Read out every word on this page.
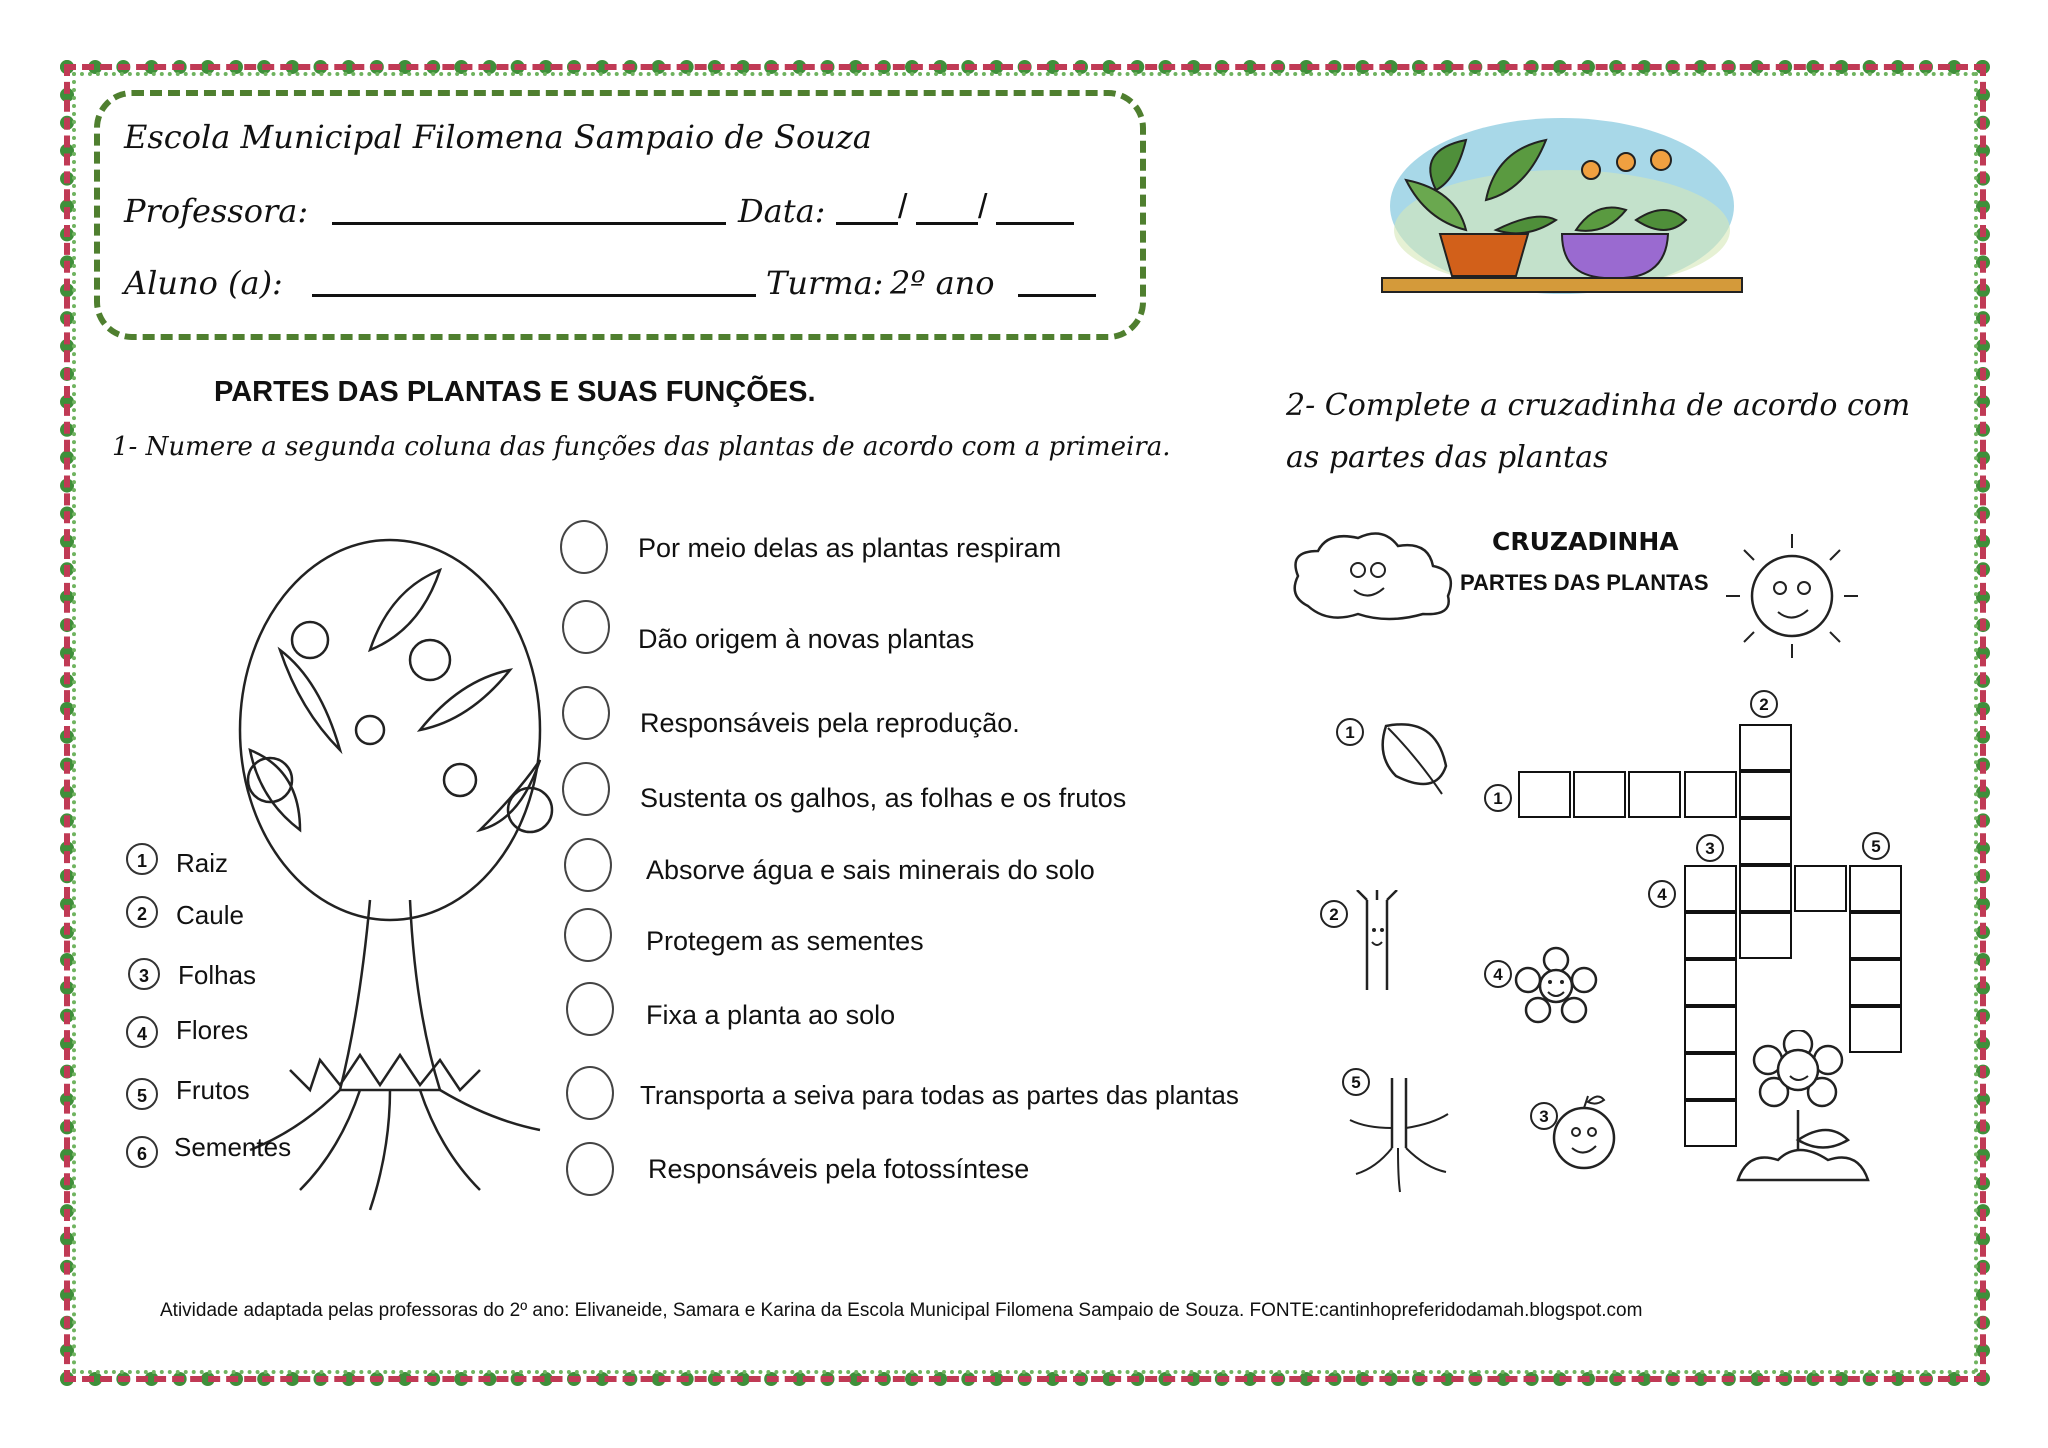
Escola Municipal Filomena Sampaio de Souza
Professora:	Data: / /
Aluno (a):	Turma: 2º ano
PARTES DAS PLANTAS E SUAS FUNÇÕES.
1- Numere a segunda coluna das funções das plantas de acordo com a primeira.
1	Raiz
2	Caule
3	Folhas
4	Flores
5	Frutos
6	Sementes
Por meio delas as plantas respiram
Dão origem à novas plantas
Responsáveis pela reprodução.
Sustenta os galhos, as folhas e os frutos
Absorve água e sais minerais do solo
Protegem as sementes
Fixa a planta ao solo
Transporta a seiva para todas as partes das plantas
Responsáveis pela fotossíntese
2- Complete a cruzadinha de acordo com
as partes das plantas
CRUZADINHA
PARTES DAS PLANTAS
2
1
3	5
4
1
2
4
5
3
Atividade adaptada pelas professoras do 2º ano: Elivaneide, Samara e Karina da Escola Municipal Filomena Sampaio de Souza. FONTE:cantinhopreferidodamah.blogspot.com
